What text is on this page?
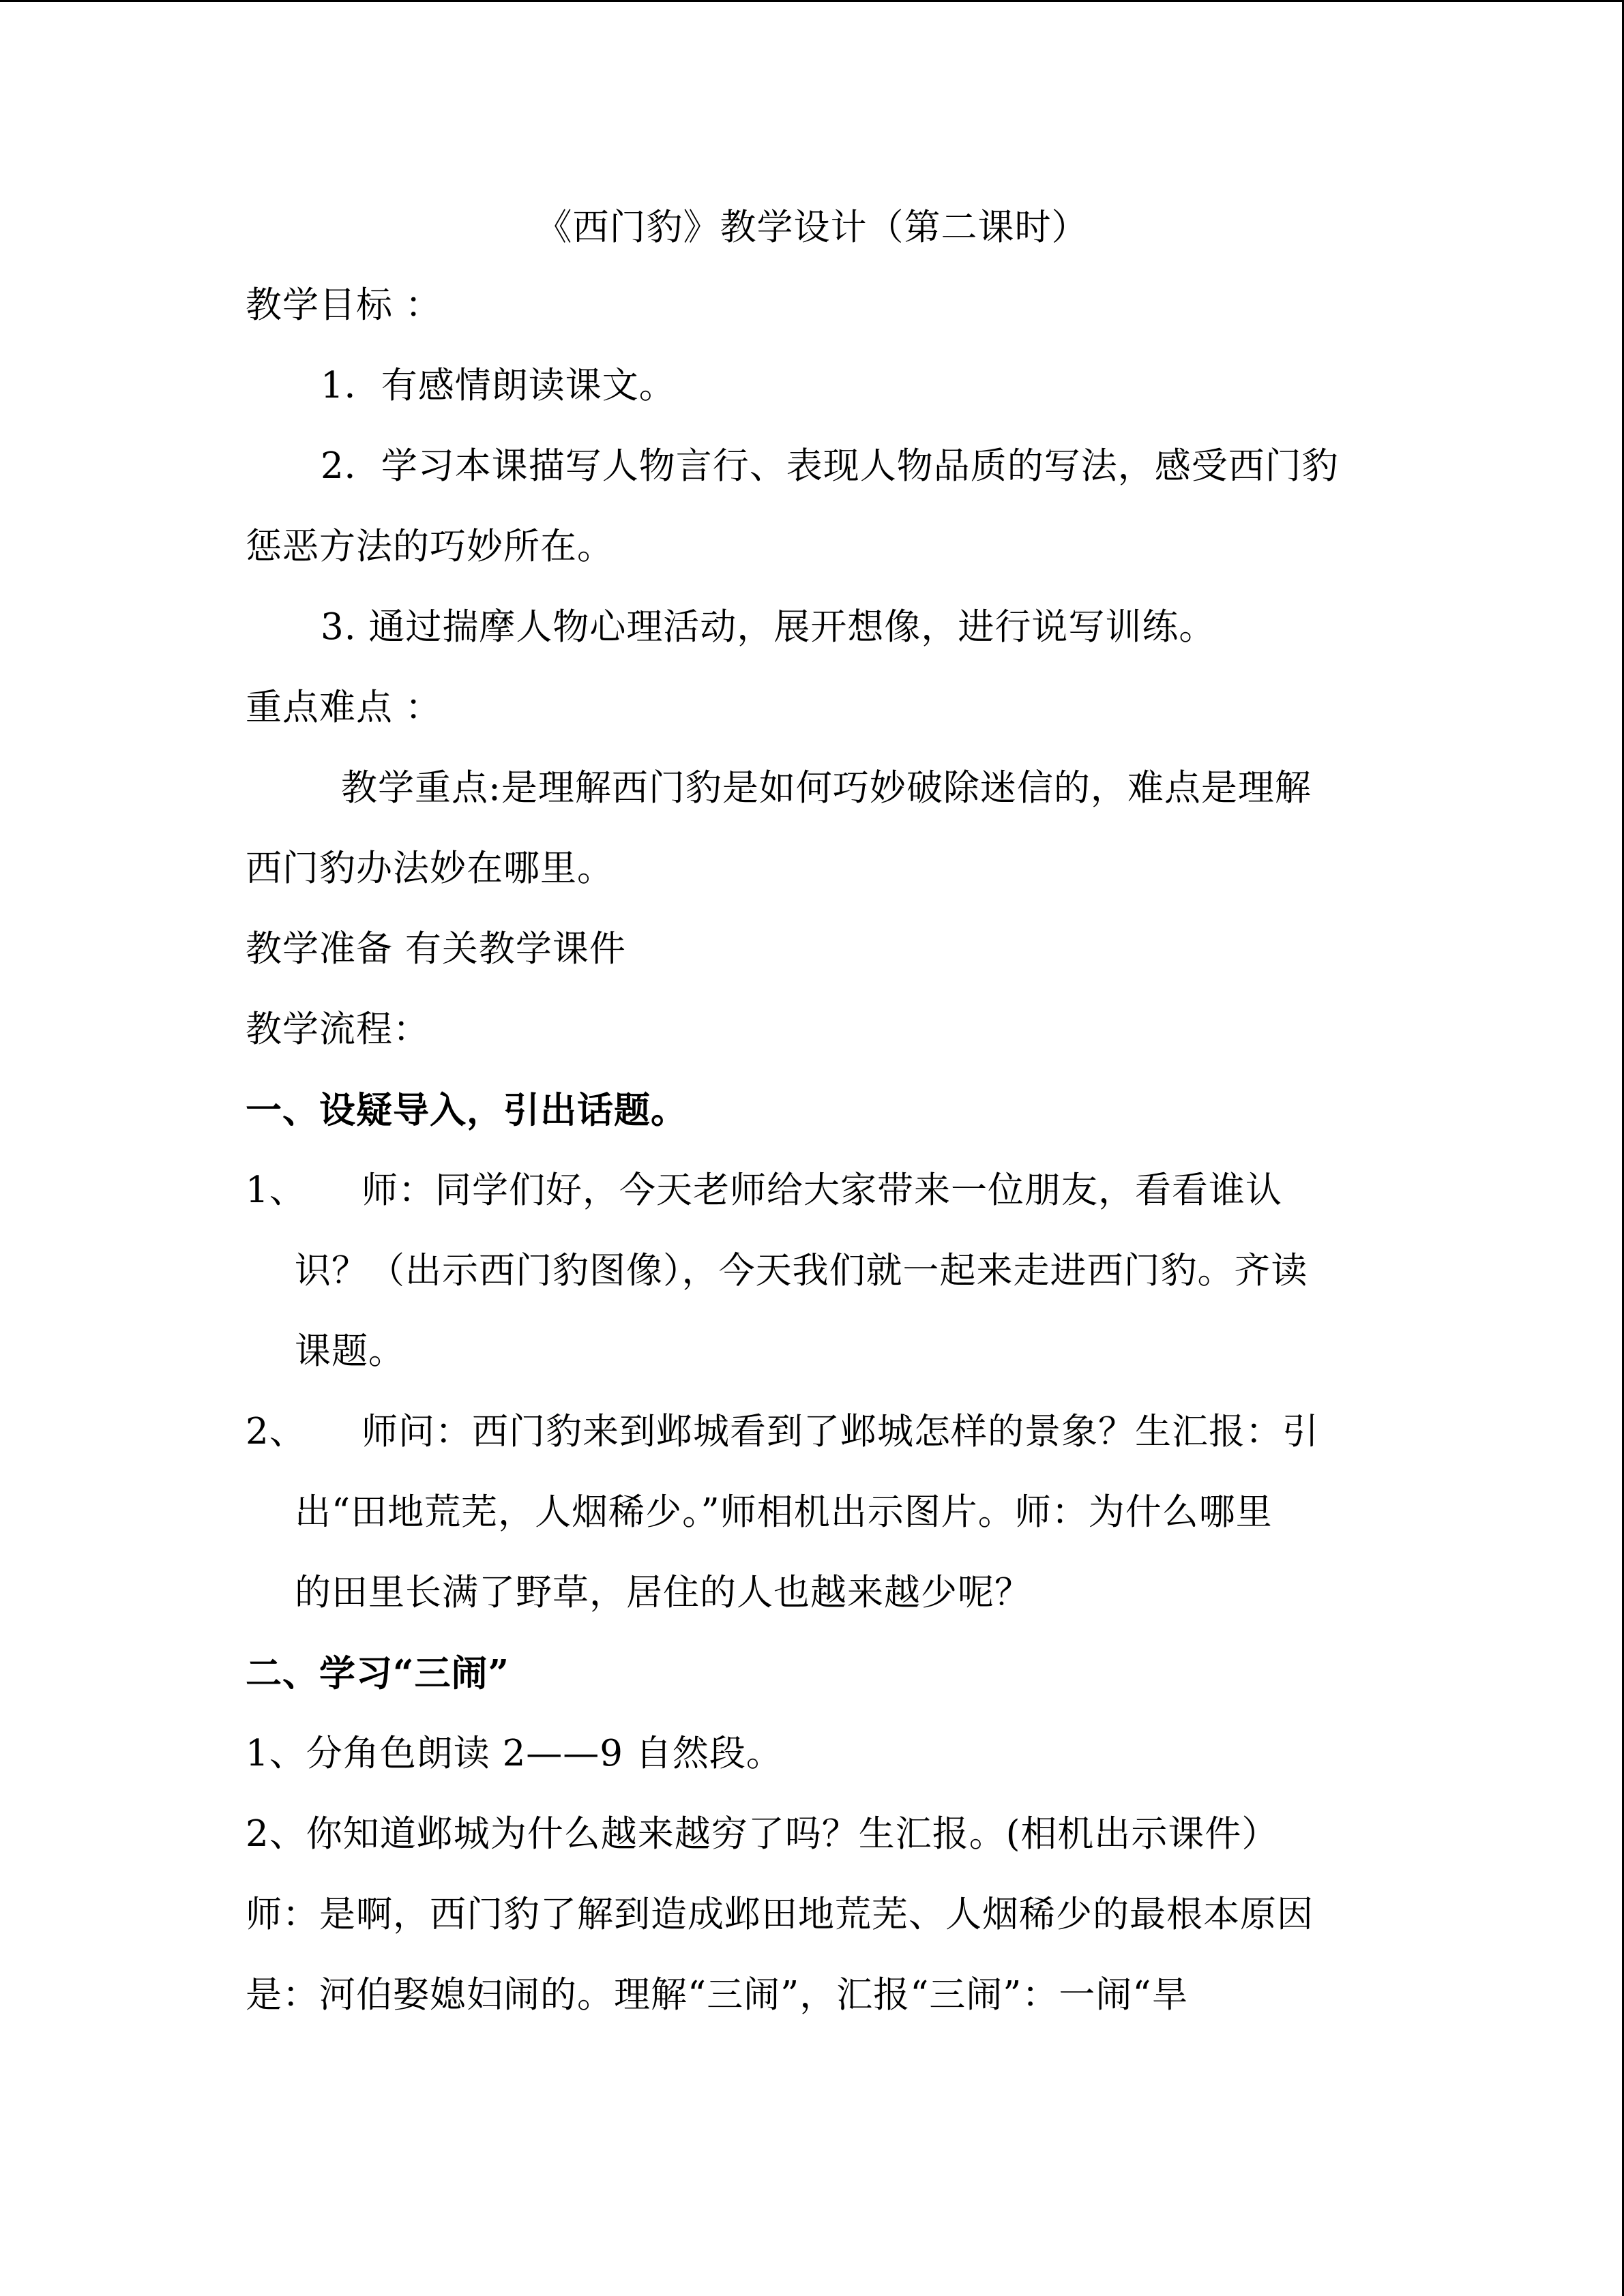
《西门豹》教学设计（第二课时）
教学目标 ：
1．有感情朗读课文。
2．学习本课描写人物言行、表现人物品质的写法，感受西门豹
惩恶方法的巧妙所在。
3. 通过揣摩人物心理活动，展开想像，进行说写训练。
重点难点 ：
教学重点:是理解西门豹是如何巧妙破除迷信的，难点是理解
西门豹办法妙在哪里。
教学准备 有关教学课件
教学流程：
一、设疑导入，引出话题。
1、 师：同学们好，今天老师给大家带来一位朋友，看看谁认
识？（出示西门豹图像），今天我们就一起来走进西门豹。齐读
课题。
2、 师问：西门豹来到邺城看到了邺城怎样的景象？生汇报：引
出“田地荒芜，人烟稀少。”师相机出示图片。师：为什么哪里
的田里长满了野草，居住的人也越来越少呢？
二、学习“三闹”
1、分角色朗读 2——9 自然段。
2、你知道邺城为什么越来越穷了吗？生汇报。(相机出示课件）
师：是啊，西门豹了解到造成邺田地荒芜、人烟稀少的最根本原因
是：河伯娶媳妇闹的。理解“三闹”，汇报“三闹”：一闹“旱
